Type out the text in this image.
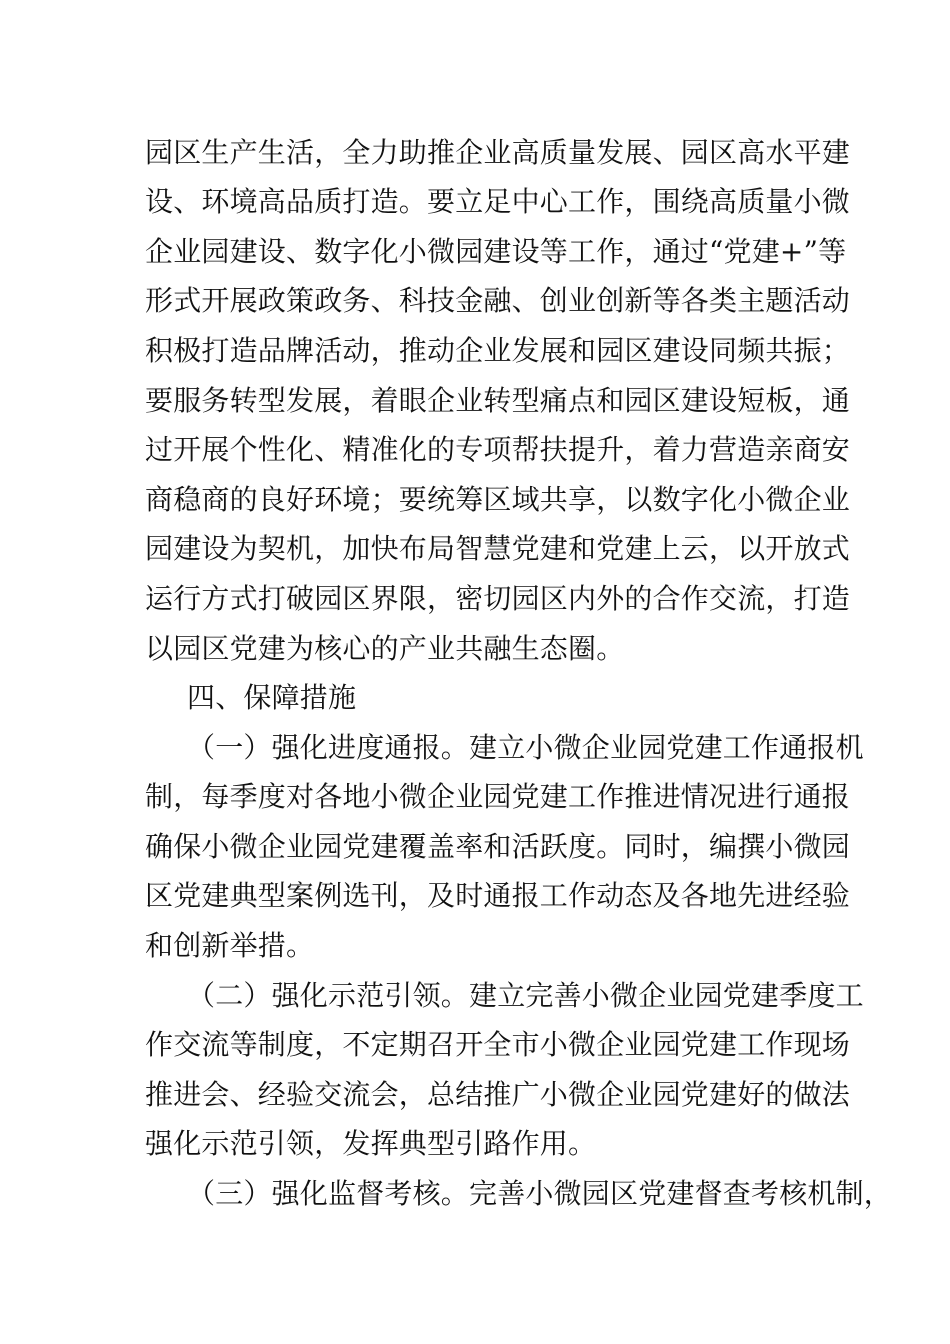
园区生产生活，全力助推企业高质量发展、园区高水平建
设、环境高品质打造。要立足中心工作，围绕高质量小微
企业园建设、数字化小微园建设等工作，通过“党建+”等
形式开展政策政务、科技金融、创业创新等各类主题活动
积极打造品牌活动，推动企业发展和园区建设同频共振；
要服务转型发展，着眼企业转型痛点和园区建设短板，通
过开展个性化、精准化的专项帮扶提升，着力营造亲商安
商稳商的良好环境；要统筹区域共享，以数字化小微企业
园建设为契机，加快布局智慧党建和党建上云，以开放式
运行方式打破园区界限，密切园区内外的合作交流，打造
以园区党建为核心的产业共融生态圈。
四、保障措施
（一）强化进度通报。建立小微企业园党建工作通报机
制，每季度对各地小微企业园党建工作推进情况进行通报
确保小微企业园党建覆盖率和活跃度。同时，编撰小微园
区党建典型案例选刊，及时通报工作动态及各地先进经验
和创新举措。
（二）强化示范引领。建立完善小微企业园党建季度工
作交流等制度，不定期召开全市小微企业园党建工作现场
推进会、经验交流会，总结推广小微企业园党建好的做法
强化示范引领，发挥典型引路作用。
（三）强化监督考核。完善小微园区党建督查考核机制，
